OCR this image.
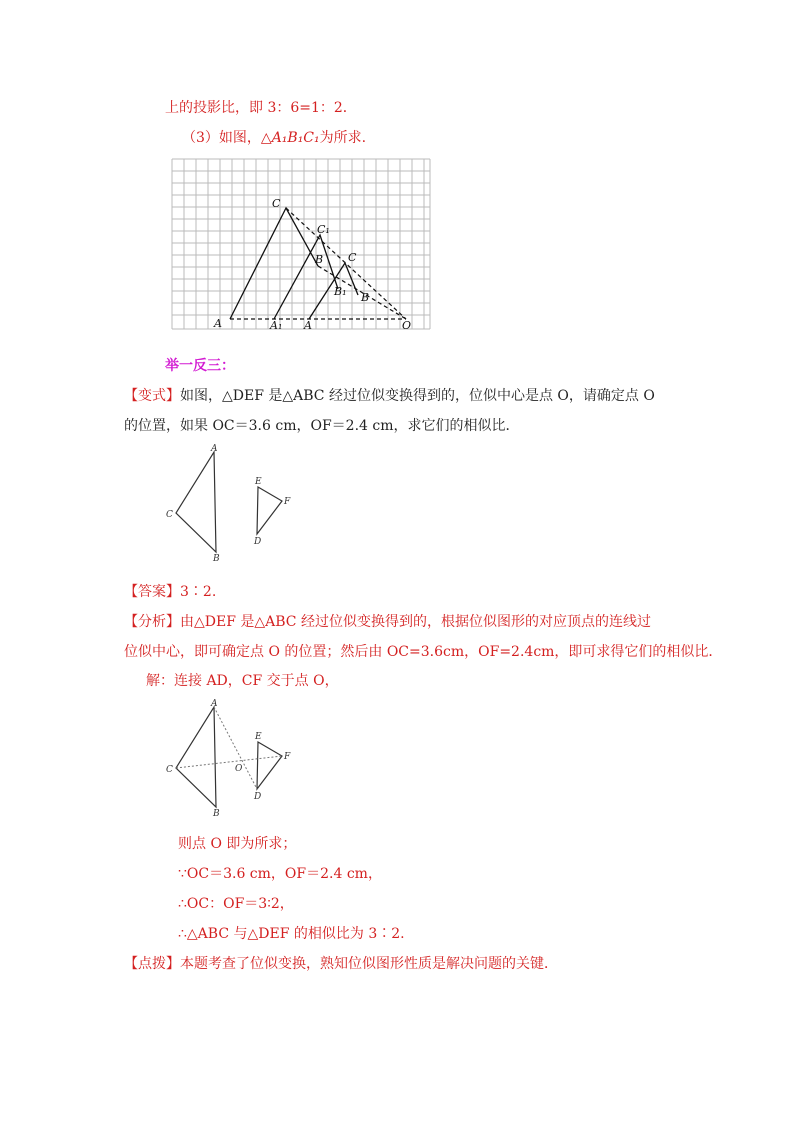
上的投影比，即 3：6=1：2．
（3）如图，△A₁B₁C₁为所求.
C
C₁
C
B
B₁ B
A	A₁ A	O
举一反三：
【变式】如图，△DEF 是△ABC 经过位似变换得到的，位似中心是点 O，请确定点 O
的位置，如果 OC＝3.6 cm，OF＝2.4 cm，求它们的相似比．
A
B
C
D
E
F
【答案】3∶2.
【分析】由△DEF 是△ABC 经过位似变换得到的，根据位似图形的对应顶点的连线过
位似中心，即可确定点 O 的位置；然后由 OC=3.6cm，OF=2.4cm，即可求得它们的相似比．
解：连接 AD，CF 交于点 O，
A
B
C
D
E
F
O
则点 O 即为所求；
∵OC＝3.6 cm，OF＝2.4 cm，
∴OC：OF＝3∶2，
∴△ABC 与△DEF 的相似比为 3∶2.
【点拨】本题考查了位似变换，熟知位似图形性质是解决问题的关键．
